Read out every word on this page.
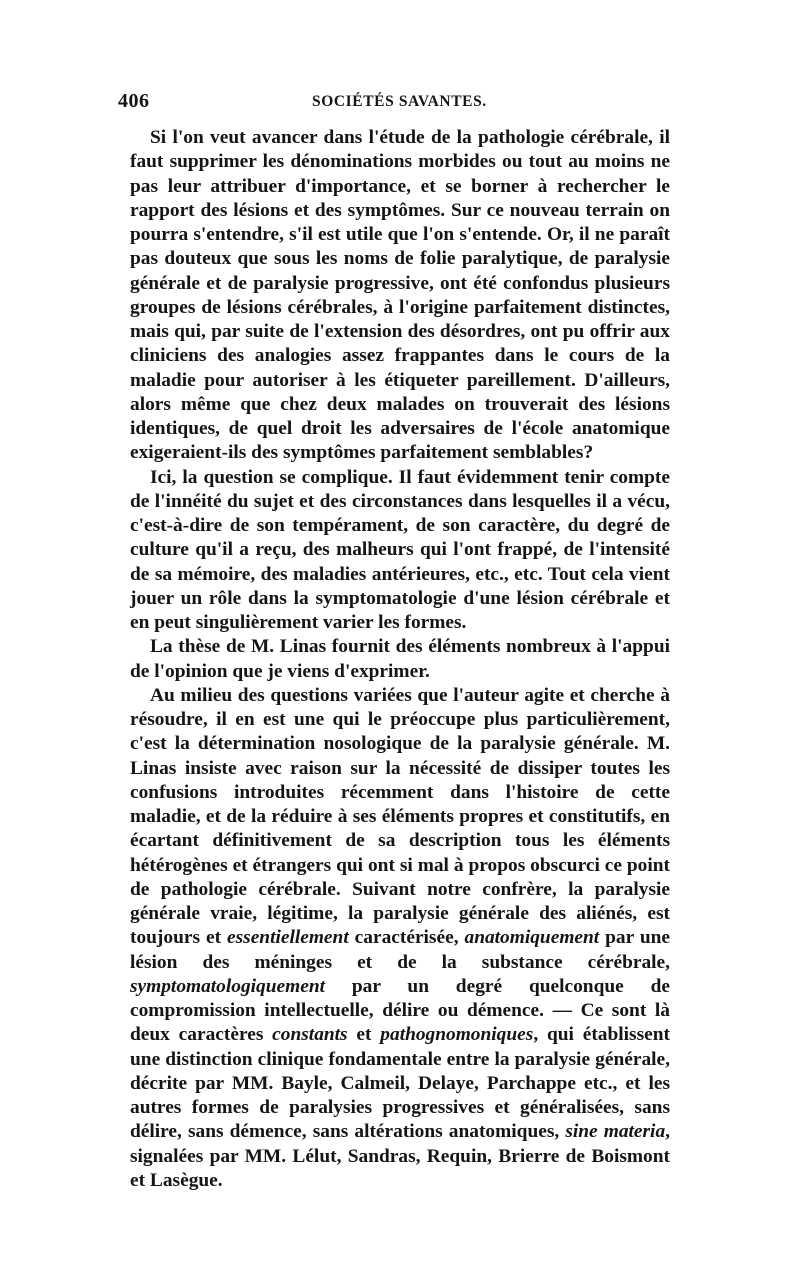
406	SOCIÉTÉS SAVANTES.

Si l'on veut avancer dans l'étude de la pathologie cérébrale, il faut supprimer les dénominations morbides ou tout au moins ne pas leur attribuer d'importance, et se borner à rechercher le rapport des lésions et des symptômes. Sur ce nouveau terrain on pourra s'entendre, s'il est utile que l'on s'entende. Or, il ne paraît pas douteux que sous les noms de folie paralytique, de paralysie générale et de paralysie progressive, ont été confondus plusieurs groupes de lésions cérébrales, à l'origine parfaitement distinctes, mais qui, par suite de l'extension des désordres, ont pu offrir aux cliniciens des analogies assez frappantes dans le cours de la maladie pour autoriser à les étiqueter pareillement. D'ailleurs, alors même que chez deux malades on trouverait des lésions identiques, de quel droit les adversaires de l'école anatomique exigeraient-ils des symptômes parfaitement semblables?

Ici, la question se complique. Il faut évidemment tenir compte de l'innéité du sujet et des circonstances dans lesquelles il a vécu, c'est-à-dire de son tempérament, de son caractère, du degré de culture qu'il a reçu, des malheurs qui l'ont frappé, de l'intensité de sa mémoire, des maladies antérieures, etc., etc. Tout cela vient jouer un rôle dans la symptomatologie d'une lésion cérébrale et en peut singulièrement varier les formes.

La thèse de M. Linas fournit des éléments nombreux à l'appui de l'opinion que je viens d'exprimer.

Au milieu des questions variées que l'auteur agite et cherche à résoudre, il en est une qui le préoccupe plus particulièrement, c'est la détermination nosologique de la paralysie générale. M. Linas insiste avec raison sur la nécessité de dissiper toutes les confusions introduites récemment dans l'histoire de cette maladie, et de la réduire à ses éléments propres et constitutifs, en écartant définitivement de sa description tous les éléments hétérogènes et étrangers qui ont si mal à propos obscurci ce point de pathologie cérébrale. Suivant notre confrère, la paralysie générale vraie, légitime, la paralysie générale des aliénés, est toujours et essentiellement caractérisée, anatomiquement par une lésion des méninges et de la substance cérébrale, symptomatologiquement par un degré quelconque de compromission intellectuelle, délire ou démence. — Ce sont là deux caractères constants et pathognomoniques, qui établissent une distinction clinique fondamentale entre la paralysie générale, décrite par MM. Bayle, Calmeil, Delaye, Parchappe etc., et les autres formes de paralysies progressives et généralisées, sans délire, sans démence, sans altérations anatomiques, sine materia, signalées par MM. Lélut, Sandras, Requin, Brierre de Boismont et Lasègue.
